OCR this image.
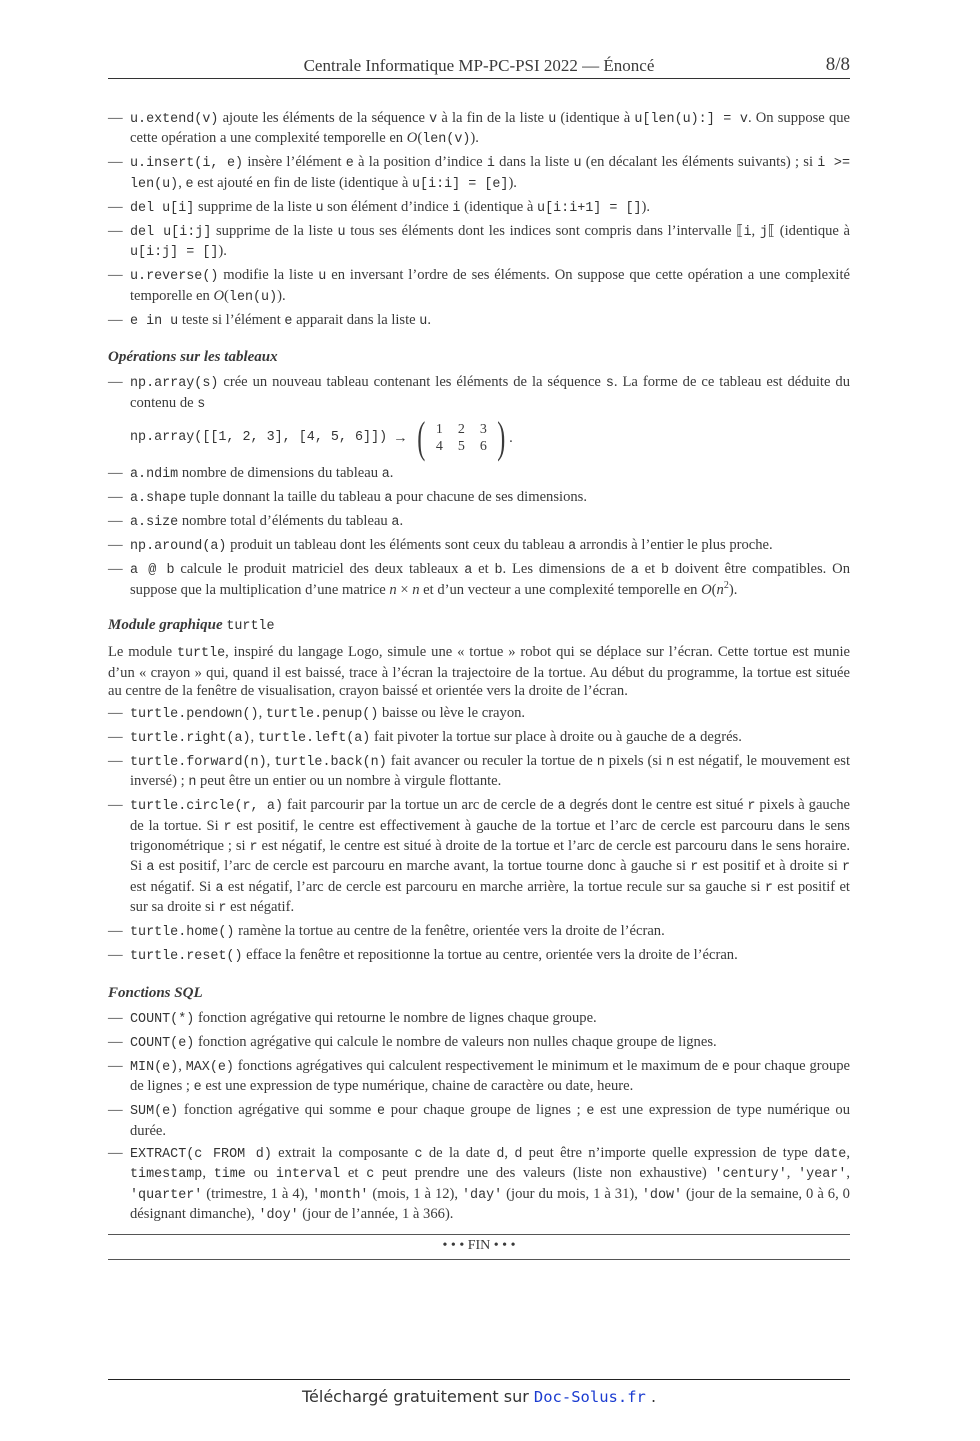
Centrale Informatique MP-PC-PSI 2022 — Énoncé	8/8
— u.extend(v) ajoute les éléments de la séquence v à la fin de la liste u (identique à u[len(u):] = v. On suppose que cette opération a une complexité temporelle en O(len(v)).
— u.insert(i, e) insère l’élément e à la position d’indice i dans la liste u (en décalant les éléments suivants) ; si i >= len(u), e est ajouté en fin de liste (identique à u[i:i] = [e]).
— del u[i] supprime de la liste u son élément d’indice i (identique à u[i:i+1] = []).
— del u[i:j] supprime de la liste u tous ses éléments dont les indices sont compris dans l’intervalle ⟦i, j⟦ (identique à u[i:j] = []).
— u.reverse() modifie la liste u en inversant l’ordre de ses éléments. On suppose que cette opération a une complexité temporelle en O(len(u)).
— e in u teste si l’élément e apparait dans la liste u.
Opérations sur les tableaux
— np.array(s) crée un nouveau tableau contenant les éléments de la séquence s. La forme de ce tableau est déduite du contenu de s
np.array([[1, 2, 3], [4, 5, 6]]) → ( 1	2	3
4	5	6 ) .
— a.ndim nombre de dimensions du tableau a.
— a.shape tuple donnant la taille du tableau a pour chacune de ses dimensions.
— a.size nombre total d’éléments du tableau a.
— np.around(a) produit un tableau dont les éléments sont ceux du tableau a arrondis à l’entier le plus proche.
— a @ b calcule le produit matriciel des deux tableaux a et b. Les dimensions de a et b doivent être compatibles. On suppose que la multiplication d’une matrice n × n et d’un vecteur a une complexité temporelle en $O(n^2)$.
Module graphique turtle
Le module turtle, inspiré du langage Logo, simule une « tortue » robot qui se déplace sur l’écran. Cette tortue est munie d’un « crayon » qui, quand il est baissé, trace à l’écran la trajectoire de la tortue. Au début du programme, la tortue est située au centre de la fenêtre de visualisation, crayon baissé et orientée vers la droite de l’écran.
— turtle.pendown(), turtle.penup() baisse ou lève le crayon.
— turtle.right(a), turtle.left(a) fait pivoter la tortue sur place à droite ou à gauche de a degrés.
— turtle.forward(n), turtle.back(n) fait avancer ou reculer la tortue de n pixels (si n est négatif, le mouvement est inversé) ; n peut être un entier ou un nombre à virgule flottante.
— turtle.circle(r, a) fait parcourir par la tortue un arc de cercle de a degrés dont le centre est situé r pixels à gauche de la tortue. Si r est positif, le centre est effectivement à gauche de la tortue et l’arc de cercle est parcouru dans le sens trigonométrique ; si r est négatif, le centre est situé à droite de la tortue et l’arc de cercle est parcouru dans le sens horaire. Si a est positif, l’arc de cercle est parcouru en marche avant, la tortue tourne donc à gauche si r est positif et à droite si r est négatif. Si a est négatif, l’arc de cercle est parcouru en marche arrière, la tortue recule sur sa gauche si r est positif et sur sa droite si r est négatif.
— turtle.home() ramène la tortue au centre de la fenêtre, orientée vers la droite de l’écran.
— turtle.reset() efface la fenêtre et repositionne la tortue au centre, orientée vers la droite de l’écran.
Fonctions SQL
— COUNT(*) fonction agrégative qui retourne le nombre de lignes chaque groupe.
— COUNT(e) fonction agrégative qui calcule le nombre de valeurs non nulles chaque groupe de lignes.
— MIN(e), MAX(e) fonctions agrégatives qui calculent respectivement le minimum et le maximum de e pour chaque groupe de lignes ; e est une expression de type numérique, chaine de caractère ou date, heure.
— SUM(e) fonction agrégative qui somme e pour chaque groupe de lignes ; e est une expression de type numérique ou durée.
— EXTRACT(c FROM d) extrait la composante c de la date d, d peut être n’importe quelle expression de type date, timestamp, time ou interval et c peut prendre une des valeurs (liste non exhaustive) 'century', 'year', 'quarter' (trimestre, 1 à 4), 'month' (mois, 1 à 12), 'day' (jour du mois, 1 à 31), 'dow' (jour de la semaine, 0 à 6, 0 désignant dimanche), 'doy' (jour de l’année, 1 à 366).
• • • FIN • • •
Téléchargé gratuitement sur Doc-Solus.fr .
